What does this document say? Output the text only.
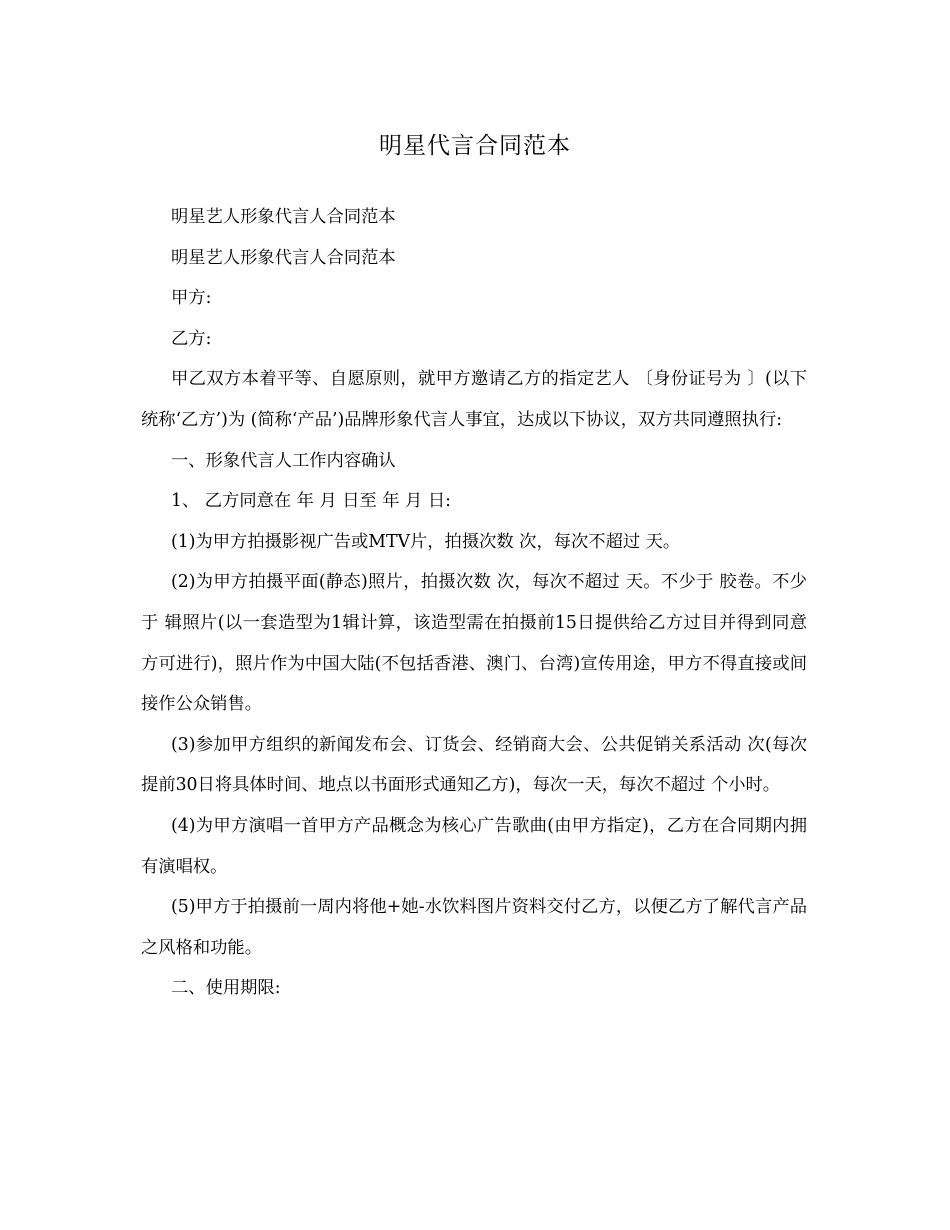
明星代言合同范本

明星艺人形象代言人合同范本

明星艺人形象代言人合同范本

甲方:

乙方:

甲乙双方本着平等、自愿原则，就甲方邀请乙方的指定艺人 〔身份证号为 〕(以下统称‘乙方’)为 (简称‘产品’)品牌形象代言人事宜，达成以下协议，双方共同遵照执行:

一、形象代言人工作内容确认

1、 乙方同意在 年 月 日至 年 月 日:

(1)为甲方拍摄影视广告或MTV片，拍摄次数 次，每次不超过 天。

(2)为甲方拍摄平面(静态)照片，拍摄次数 次，每次不超过 天。不少于 胶卷。不少于 辑照片(以一套造型为1辑计算，该造型需在拍摄前15日提供给乙方过目并得到同意方可进行)，照片作为中国大陆(不包括香港、澳门、台湾)宣传用途，甲方不得直接或间接作公众销售。

(3)参加甲方组织的新闻发布会、订货会、经销商大会、公共促销关系活动 次(每次提前30日将具体时间、地点以书面形式通知乙方)，每次一天，每次不超过 个小时。

(4)为甲方演唱一首甲方产品概念为核心广告歌曲(由甲方指定)，乙方在合同期内拥有演唱权。

(5)甲方于拍摄前一周内将他+她-水饮料图片资料交付乙方，以便乙方了解代言产品之风格和功能。

二、使用期限:
